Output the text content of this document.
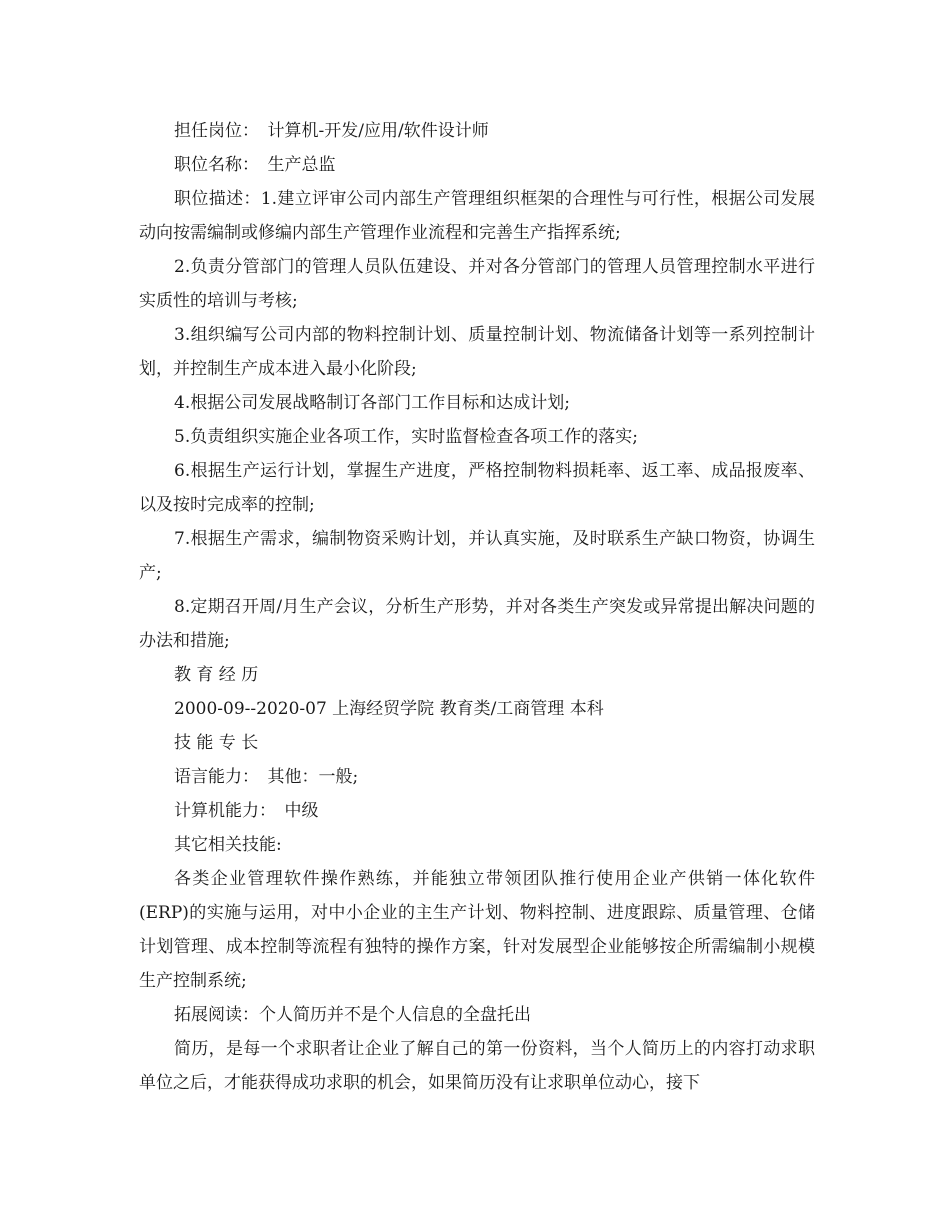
担任岗位：　计算机-开发/应用/软件设计师

职位名称：　生产总监

职位描述：1.建立评审公司内部生产管理组织框架的合理性与可行性，根据公司发展动向按需编制或修编内部生产管理作业流程和完善生产指挥系统;

2.负责分管部门的管理人员队伍建设、并对各分管部门的管理人员管理控制水平进行实质性的培训与考核;

3.组织编写公司内部的物料控制计划、质量控制计划、物流储备计划等一系列控制计划，并控制生产成本进入最小化阶段;

4.根据公司发展战略制订各部门工作目标和达成计划;

5.负责组织实施企业各项工作，实时监督检查各项工作的落实;

6.根据生产运行计划，掌握生产进度，严格控制物料损耗率、返工率、成品报废率、以及按时完成率的控制;

7.根据生产需求，编制物资采购计划，并认真实施，及时联系生产缺口物资，协调生产;

8.定期召开周/月生产会议，分析生产形势，并对各类生产突发或异常提出解决问题的办法和措施;

教 育 经 历

2000-09--2020-07 上海经贸学院 教育类/工商管理 本科

技 能 专 长

语言能力：　其他：一般;

计算机能力：　中级

其它相关技能:

各类企业管理软件操作熟练，并能独立带领团队推行使用企业产供销一体化软件(ERP)的实施与运用，对中小企业的主生产计划、物料控制、进度跟踪、质量管理、仓储计划管理、成本控制等流程有独特的操作方案，针对发展型企业能够按企所需编制小规模生产控制系统;

拓展阅读：个人简历并不是个人信息的全盘托出

简历，是每一个求职者让企业了解自己的第一份资料，当个人简历上的内容打动求职单位之后，才能获得成功求职的机会，如果简历没有让求职单位动心，接下
